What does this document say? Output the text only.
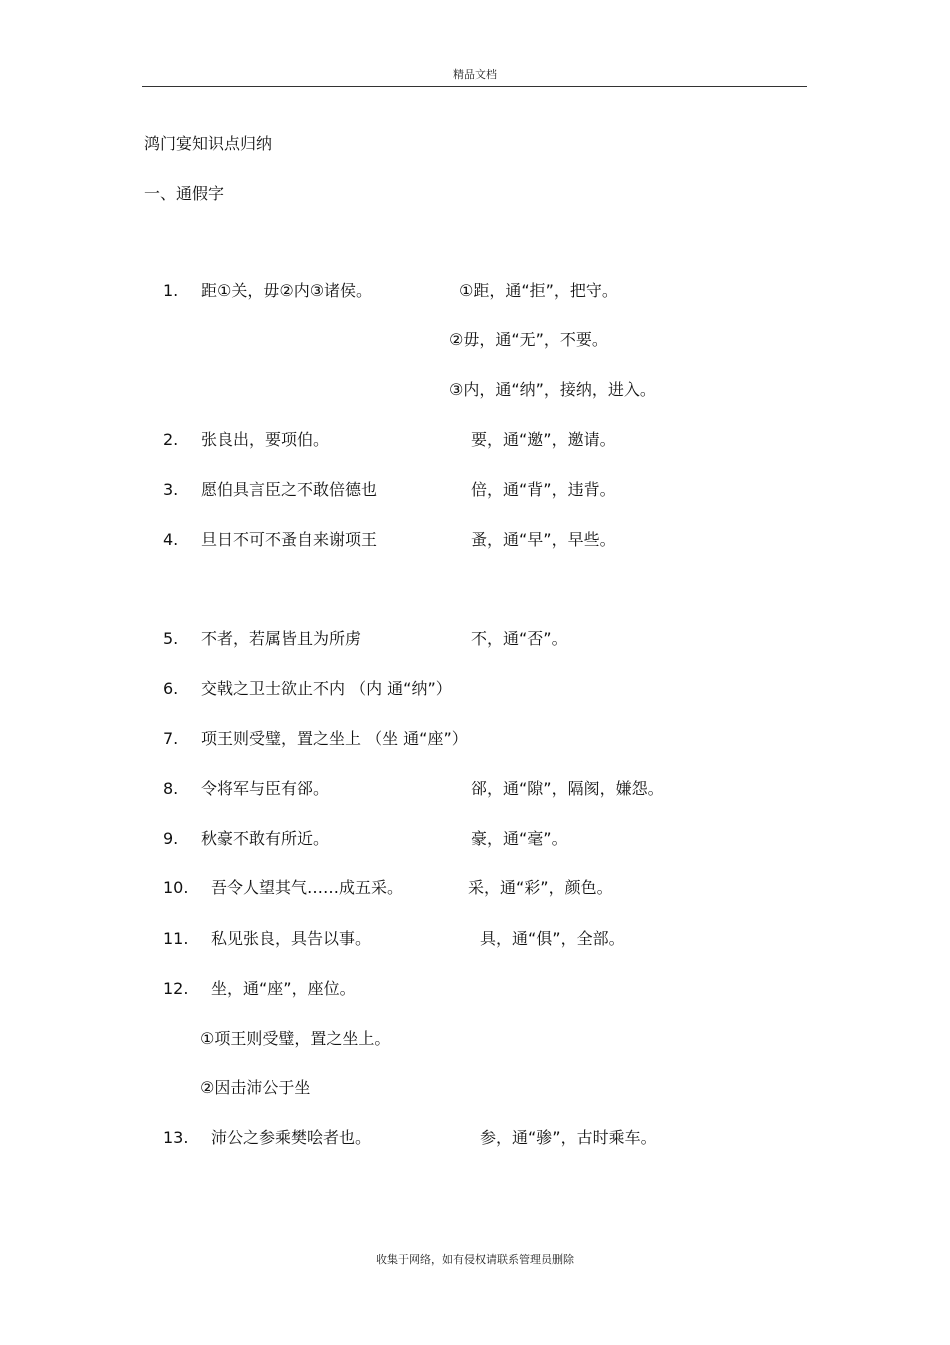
精品文档
鸿门宴知识点归纳
一、通假字
1. 距①关，毋②内③诸侯。	①距，通“拒”，把守。
②毋，通“无”，不要。
③内，通“纳”，接纳，进入。
2. 张良出，要项伯。	要，通“邀”，邀请。
3. 愿伯具言臣之不敢倍德也	倍，通“背”，违背。
4. 旦日不可不蚤自来谢项王	蚤，通“早”，早些。
5. 不者，若属皆且为所虏	不，通“否”。
6. 交戟之卫士欲止不内 （内 通“纳”）
7. 项王则受璧，置之坐上 （坐 通“座”）
8. 令将军与臣有郤。	郤，通“隙”，隔阂，嫌怨。
9. 秋豪不敢有所近。	豪，通“毫”。
10. 吾令人望其气……成五采。	采，通“彩”，颜色。
11. 私见张良，具告以事。	具，通“俱”，全部。
12. 坐，通“座”，座位。
①项王则受璧，置之坐上。
②因击沛公于坐
13. 沛公之参乘樊哙者也。	参，通“骖”，古时乘车。
收集于网络，如有侵权请联系管理员删除
